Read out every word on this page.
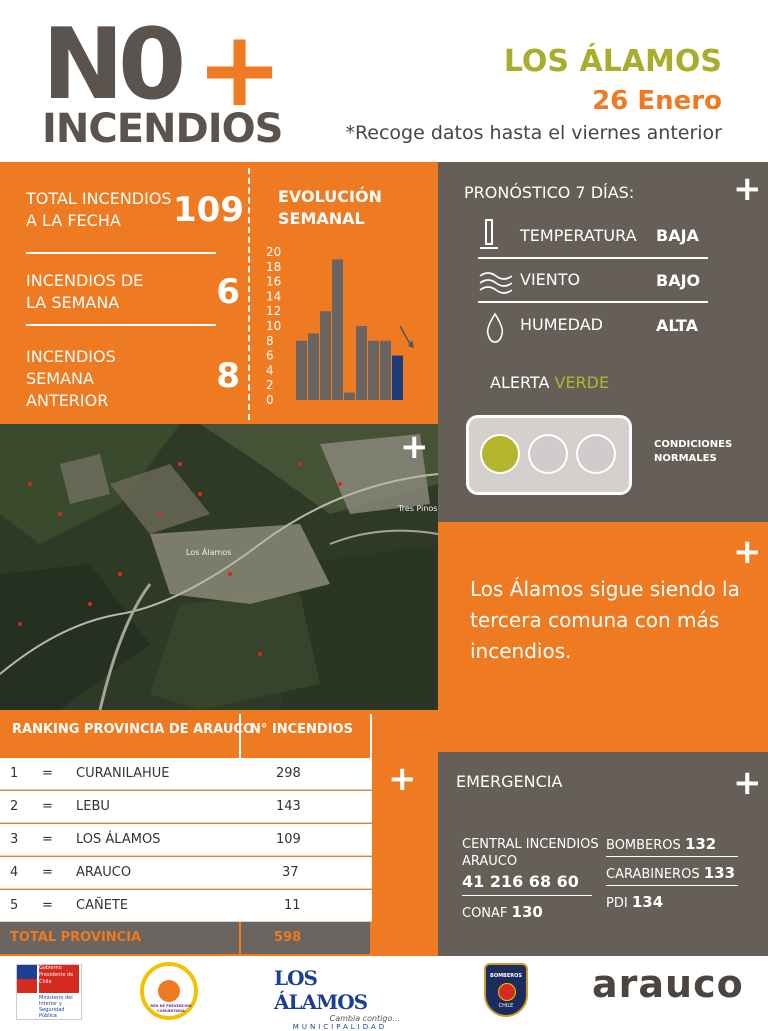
N0 +
INCENDIOS
LOS ÁLAMOS
26 Enero
*Recoge datos hasta el viernes anterior
TOTAL INCENDIOS
A LA FECHA	109
INCENDIOS DE
LA SEMANA	6
INCENDIOS
SEMANA
ANTERIOR
8
EVOLUCIÓN
SEMANAL
20
18
16
14
12
10
8
6
4
2
0
+
PRONÓSTICO 7 DÍAS:
TEMPERATURA BAJA
VIENTO	BAJO
HUMEDAD	ALTA
ALERTA VERDE
CONDICIONES
NORMALES
Los Álamos
Tres Pinos
+
+
Los Álamos sigue siendo la tercera comuna con más incendios.
RANKING PROVINCIA DE ARAUCO
N° INCENDIOS
1 = CURANILAHUE	298
2 = LEBU	143
3 = LOS ÁLAMOS	109
4 = ARAUCO	37
5 = CAÑETE	11
TOTAL PROVINCIA	598
+	+
EMERGENCIA
CENTRAL INCENDIOS
ARAUCO
41 216 68 60
CONAF 130
BOMBEROS 132
CARABINEROS 133
PDI 134
Gobierno
Presidente de Chile
Ministerio del
Interior y
Seguridad Pública
RED DE PREVENCIÓN COMUNITARIA
LOS ÁLAMOS
Cambia contigo...
MUNICIPALIDAD
BOMBEROS
CHILE	arauco
